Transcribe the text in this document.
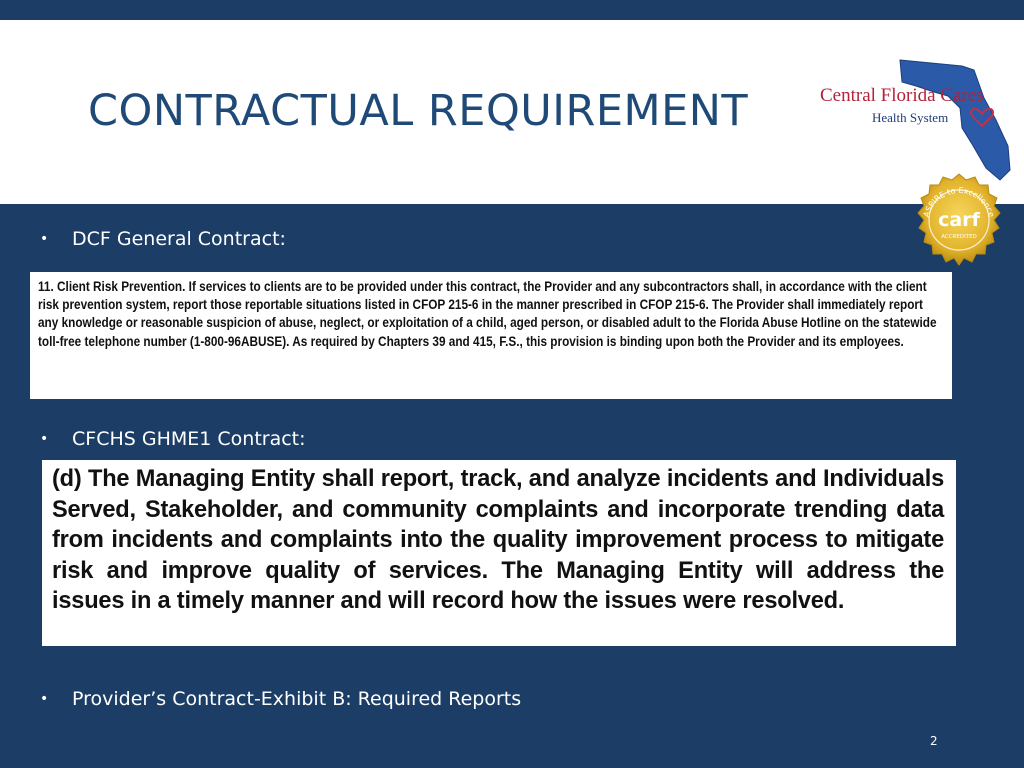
CONTRACTUAL REQUIREMENT	Central Florida Cares
Health System
ASPIRE to Excellence
carf
ACCREDITED
• DCF General Contract:
11. Client Risk Prevention. If services to clients are to be provided under this contract, the Provider and any subcontractors shall, in accordance with the client risk prevention system, report those reportable situations listed in CFOP 215-6 in the manner prescribed in CFOP 215-6. The Provider shall immediately report any knowledge or reasonable suspicion of abuse, neglect, or exploitation of a child, aged person, or disabled adult to the Florida Abuse Hotline on the statewide toll-free telephone number (1-800-96ABUSE). As required by Chapters 39 and 415, F.S., this provision is binding upon both the Provider and its employees.
• CFCHS GHME1 Contract:
(d) The Managing Entity shall report, track, and analyze incidents and Individuals Served, Stakeholder, and community complaints and incorporate trending data from incidents and complaints into the quality improvement process to mitigate risk and improve quality of services. The Managing Entity will address the issues in a timely manner and will record how the issues were resolved.
• Provider’s Contract-Exhibit B: Required Reports
2
